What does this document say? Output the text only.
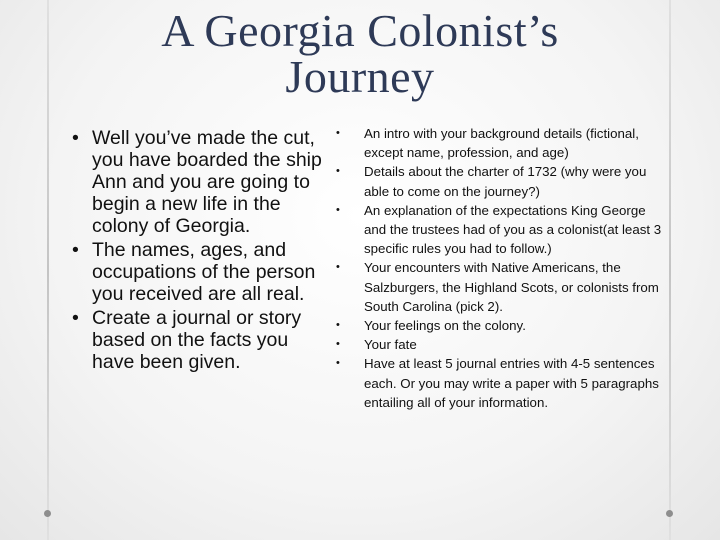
A Georgia Colonist’s Journey
• Well you’ve made the cut, you have boarded the ship Ann and you are going to begin a new life in the colony of Georgia.
• The names, ages, and occupations of the person you received are all real.
• Create a journal or story based on the facts you have been given.
• An intro with your background details (fictional, except name, profession, and age)
• Details about the charter of 1732 (why were you able to come on the journey?)
• An explanation of the expectations King George and the trustees had of you as a colonist(at least 3 specific rules you had to follow.)
• Your encounters with Native Americans, the Salzburgers, the Highland Scots, or colonists from South Carolina (pick 2).
• Your feelings on the colony.
• Your fate
• Have at least 5 journal entries with 4-5 sentences each. Or you may write a paper with 5 paragraphs entailing all of your information.
